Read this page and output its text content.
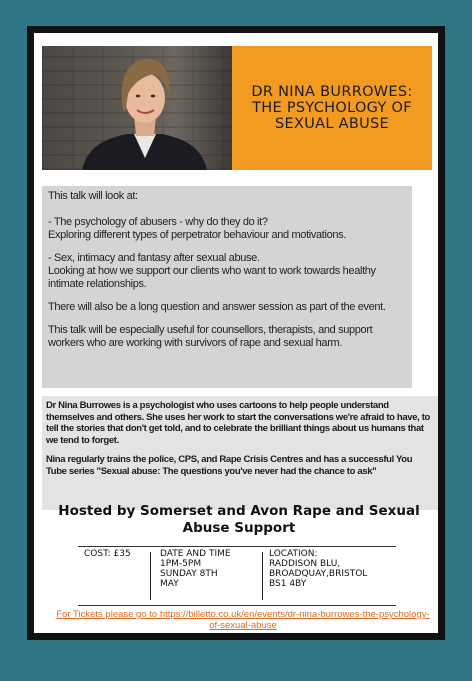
DR NINA BURROWES:
THE PSYCHOLOGY OF
SEXUAL ABUSE

This talk will look at:

- The psychology of abusers - why do they do it?
Exploring different types of perpetrator behaviour and motivations.

- Sex, intimacy and fantasy after sexual abuse.
Looking at how we support our clients who want to work towards healthy intimate relationships.

There will also be a long question and answer session as part of the event.

This talk will be especially useful for counsellors, therapists, and support workers who are working with survivors of rape and sexual harm.

Dr Nina Burrowes is a psychologist who uses cartoons to help people understand themselves and others. She uses her work to start the conversations we're afraid to have, to tell the stories that don't get told, and to celebrate the brilliant things about us humans that we tend to forget.

Nina regularly trains the police, CPS, and Rape Crisis Centres and has a successful You Tube series "Sexual abuse: The questions you've never had the chance to ask"

Hosted by Somerset and Avon Rape and Sexual Abuse Support
COST: £35	DATE AND TIME
1PM-5PM
SUNDAY 8TH
MAY
LOCATION:
RADDISON BLU,
BROADQUAY,BRISTOL
BS1 4BY
For Tickets please go to https://billetto.co.uk/en/events/dr-nina-burrowes-the-psychology-of-sexual-abuse
